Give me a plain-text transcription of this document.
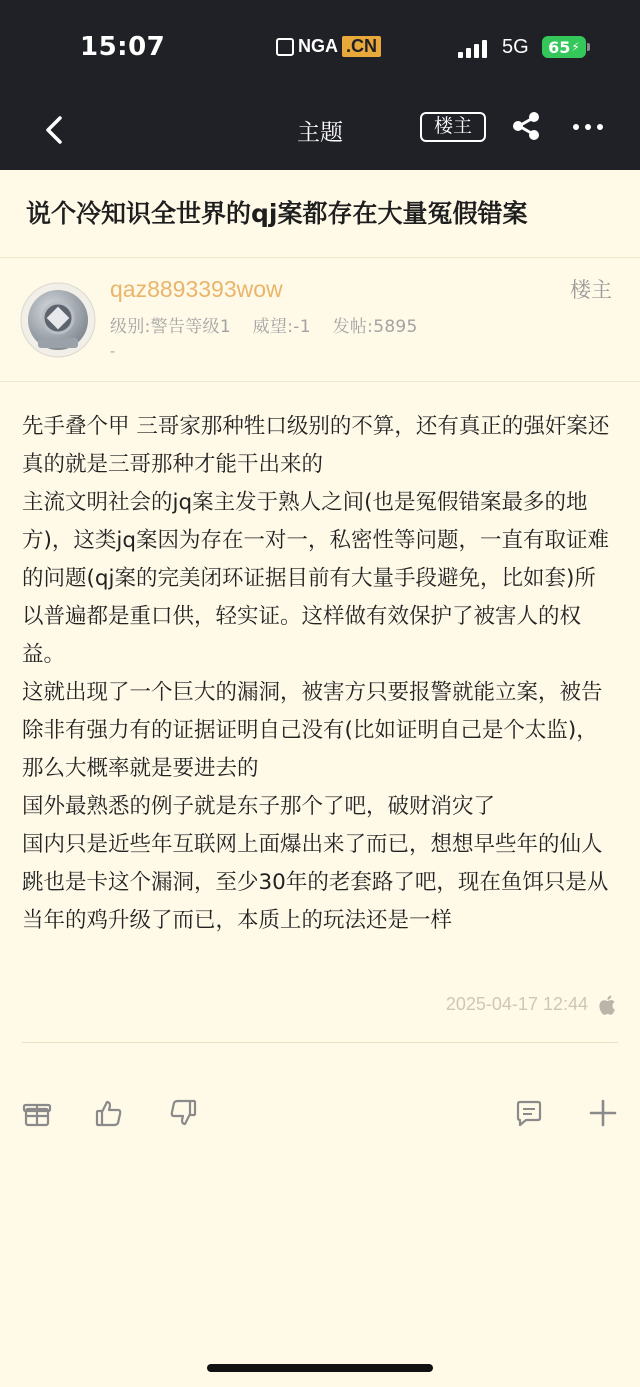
15:07	NGA .CN	5G 65 ⚡
主题	楼主
说个冷知识全世界的qj案都存在大量冤假错案
qaz8893393wow
级别:警告等级1 威望:-1 发帖:5895
-
楼主

先手叠个甲 三哥家那种牲口级别的不算，还有真正的强奸案还真的就是三哥那种才能干出来的

主流文明社会的jq案主发于熟人之间(也是冤假错案最多的地方)，这类jq案因为存在一对一，私密性等问题，一直有取证难的问题(qj案的完美闭环证据目前有大量手段避免，比如套)所以普遍都是重口供，轻实证。这样做有效保护了被害人的权益。

这就出现了一个巨大的漏洞，被害方只要报警就能立案，被告除非有强力有的证据证明自己没有(比如证明自己是个太监)，那么大概率就是要进去的

国外最熟悉的例子就是东子那个了吧，破财消灾了

国内只是近些年互联网上面爆出来了而已，想想早些年的仙人跳也是卡这个漏洞，至少30年的老套路了吧，现在鱼饵只是从当年的鸡升级了而已，本质上的玩法还是一样

2025-04-17 12:44
